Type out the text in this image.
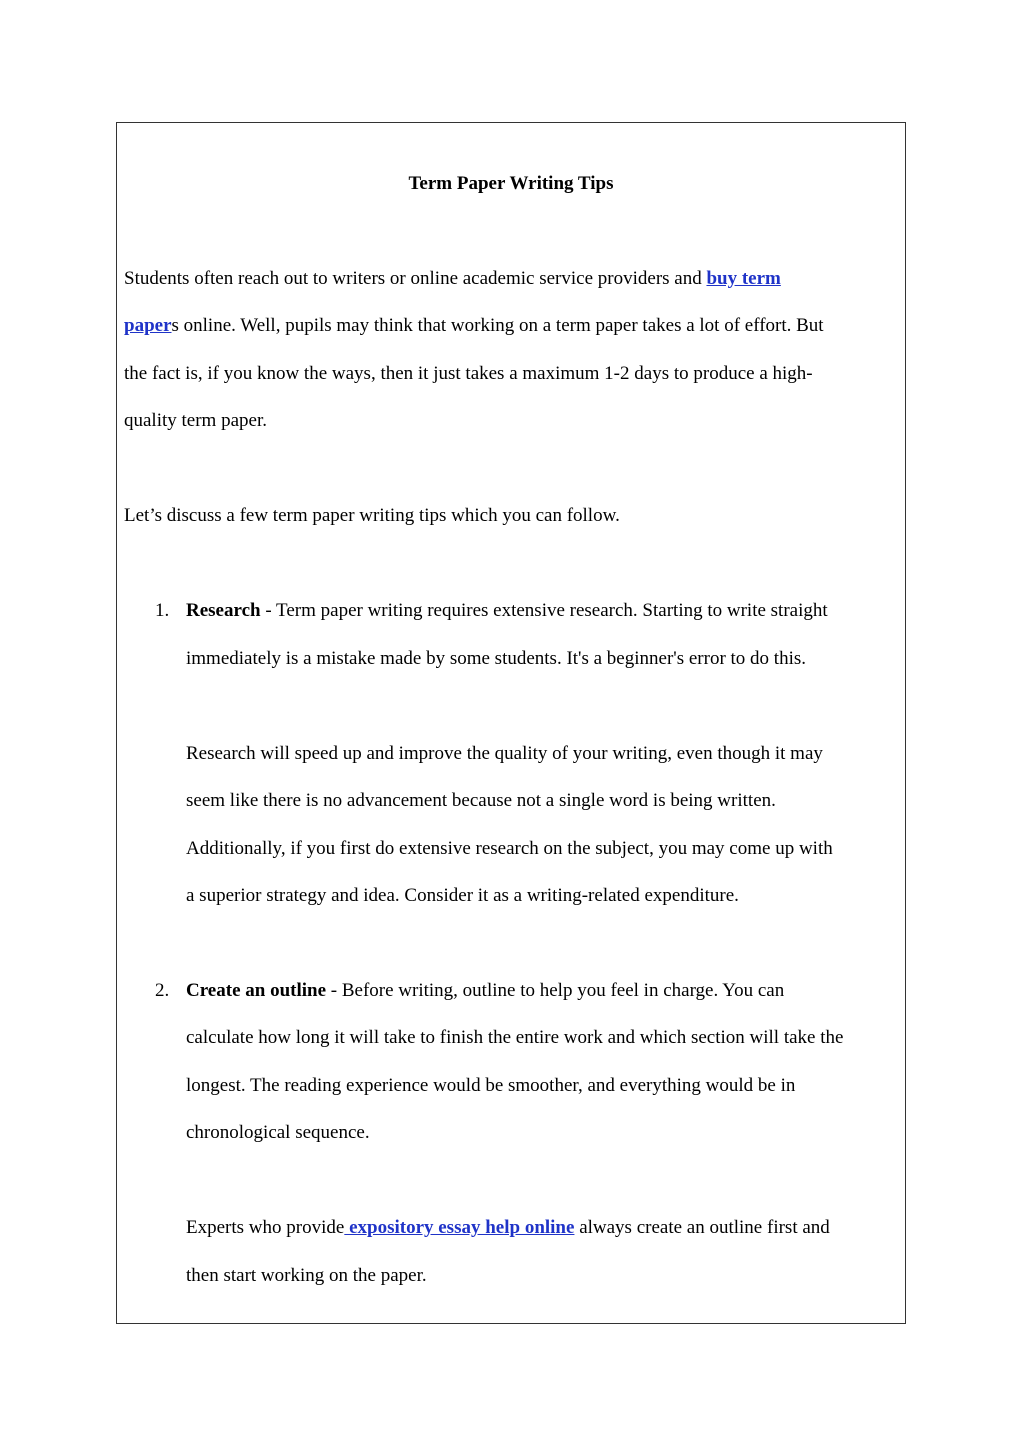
Term Paper Writing Tips
Students often reach out to writers or online academic service providers and buy term
papers online. Well, pupils may think that working on a term paper takes a lot of effort. But
the fact is, if you know the ways, then it just takes a maximum 1-2 days to produce a high-
quality term paper.
Let’s discuss a few term paper writing tips which you can follow.
1. Research - Term paper writing requires extensive research. Starting to write straight
immediately is a mistake made by some students. It's a beginner's error to do this.
Research will speed up and improve the quality of your writing, even though it may
seem like there is no advancement because not a single word is being written.
Additionally, if you first do extensive research on the subject, you may come up with
a superior strategy and idea. Consider it as a writing-related expenditure.
2. Create an outline - Before writing, outline to help you feel in charge. You can
calculate how long it will take to finish the entire work and which section will take the
longest. The reading experience would be smoother, and everything would be in
chronological sequence.
Experts who provide expository essay help online always create an outline first and
then start working on the paper.
